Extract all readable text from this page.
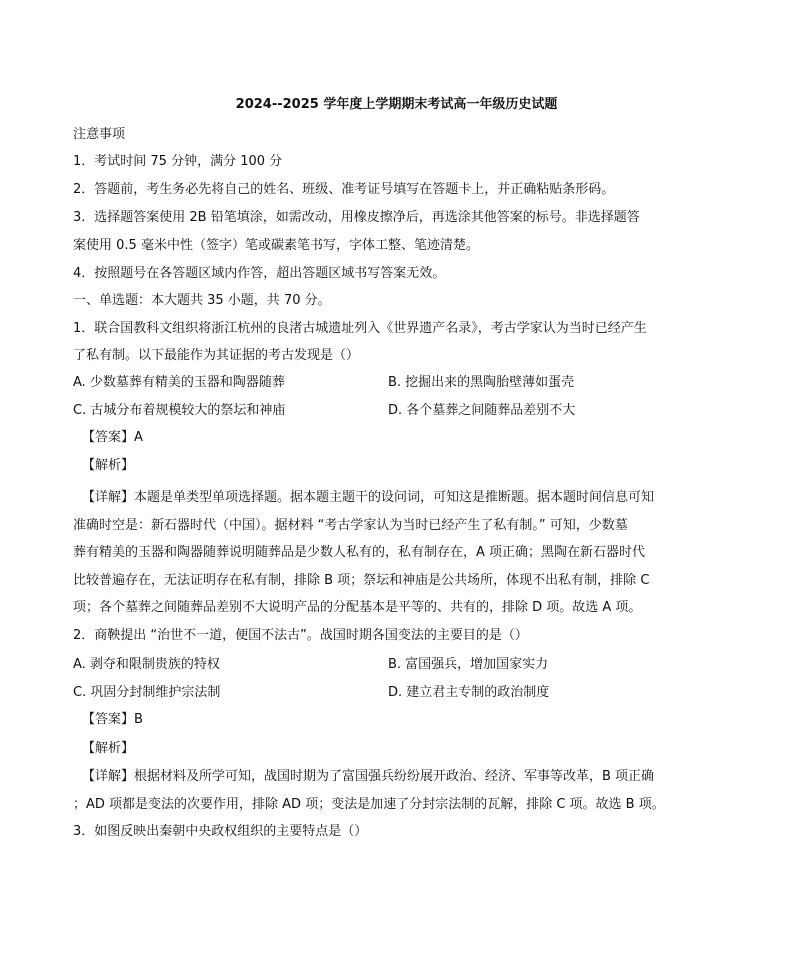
2024--2025 学年度上学期期末考试高一年级历史试题
注意事项
1．考试时间 75 分钟，满分 100 分
2．答题前，考生务必先将自己的姓名、班级、准考证号填写在答题卡上，并正确粘贴条形码。
3．选择题答案使用 2B 铅笔填涂，如需改动，用橡皮擦净后，再选涂其他答案的标号。非选择题答
案使用 0.5 毫米中性（签字）笔或碳素笔书写，字体工整、笔迹清楚。
4．按照题号在各答题区域内作答，超出答题区域书写答案无效。
一、单选题：本大题共 35 小题，共 70 分。
1．联合国教科文组织将浙江杭州的良渚古城遗址列入《世界遗产名录》，考古学家认为当时已经产生
了私有制。以下最能作为其证据的考古发现是（）
A. 少数墓葬有精美的玉器和陶器随葬	B. 挖掘出来的黑陶胎壁薄如蛋壳
C. 古城分布着规模较大的祭坛和神庙	D. 各个墓葬之间随葬品差别不大
【答案】A
【解析】
【详解】本题是单类型单项选择题。据本题主题干的设问词，可知这是推断题。据本题时间信息可知
准确时空是：新石器时代（中国）。据材料 “考古学家认为当时已经产生了私有制。” 可知，少数墓
葬有精美的玉器和陶器随葬说明随葬品是少数人私有的，私有制存在，A 项正确；黑陶在新石器时代
比较普遍存在，无法证明存在私有制，排除 B 项；祭坛和神庙是公共场所，体现不出私有制，排除 C
项；各个墓葬之间随葬品差别不大说明产品的分配基本是平等的、共有的，排除 D 项。故选 A 项。
2．商鞅提出 “治世不一道，便国不法古”。战国时期各国变法的主要目的是（）
A. 剥夺和限制贵族的特权	B. 富国强兵，增加国家实力
C. 巩固分封制维护宗法制	D. 建立君主专制的政治制度
【答案】B
【解析】
【详解】根据材料及所学可知，战国时期为了富国强兵纷纷展开政治、经济、军事等改革，B 项正确
；AD 项都是变法的次要作用，排除 AD 项；变法是加速了分封宗法制的瓦解，排除 C 项。故选 B 项。
3．如图反映出秦朝中央政权组织的主要特点是（）
